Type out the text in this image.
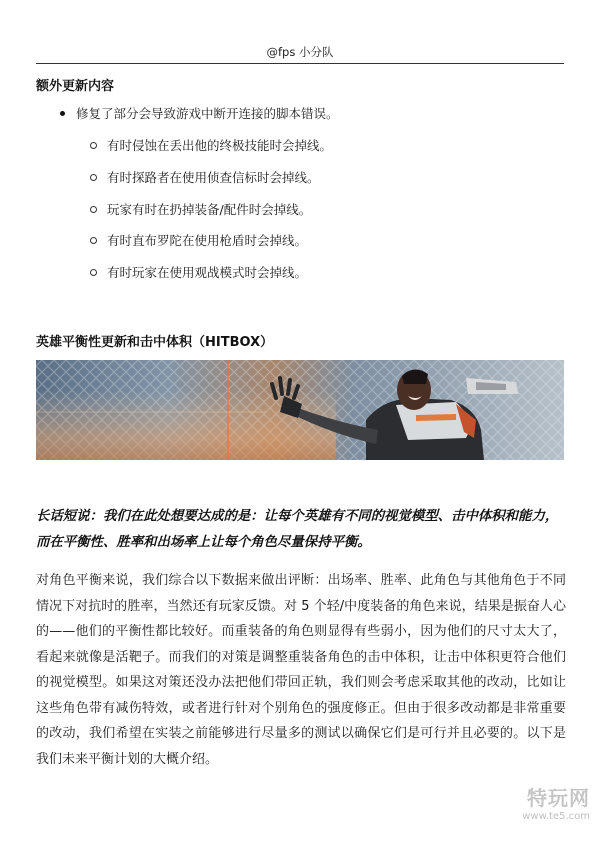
@fps 小分队
额外更新内容
修复了部分会导致游戏中断开连接的脚本错误。
有时侵蚀在丢出他的终极技能时会掉线。
有时探路者在使用侦查信标时会掉线。
玩家有时在扔掉装备/配件时会掉线。
有时直布罗陀在使用枪盾时会掉线。
有时玩家在使用观战模式时会掉线。
英雄平衡性更新和击中体积（HITBOX）
长话短说：我们在此处想要达成的是：让每个英雄有不同的视觉模型、击中体积和能力，而在平衡性、胜率和出场率上让每个角色尽量保持平衡。
对角色平衡来说，我们综合以下数据来做出评断：出场率、胜率、此角色与其他角色于不同情况下对抗时的胜率，当然还有玩家反馈。对 5 个轻/中度装备的角色来说，结果是振奋人心的——他们的平衡性都比较好。而重装备的角色则显得有些弱小，因为他们的尺寸太大了，看起来就像是活靶子。而我们的对策是调整重装备角色的击中体积，让击中体积更符合他们的视觉模型。如果这对策还没办法把他们带回正轨，我们则会考虑采取其他的改动，比如让这些角色带有减伤特效，或者进行针对个别角色的强度修正。但由于很多改动都是非常重要的改动，我们希望在实装之前能够进行尽量多的测试以确保它们是可行并且必要的。以下是我们未来平衡计划的大概介绍。
特玩网
www.te5.com
